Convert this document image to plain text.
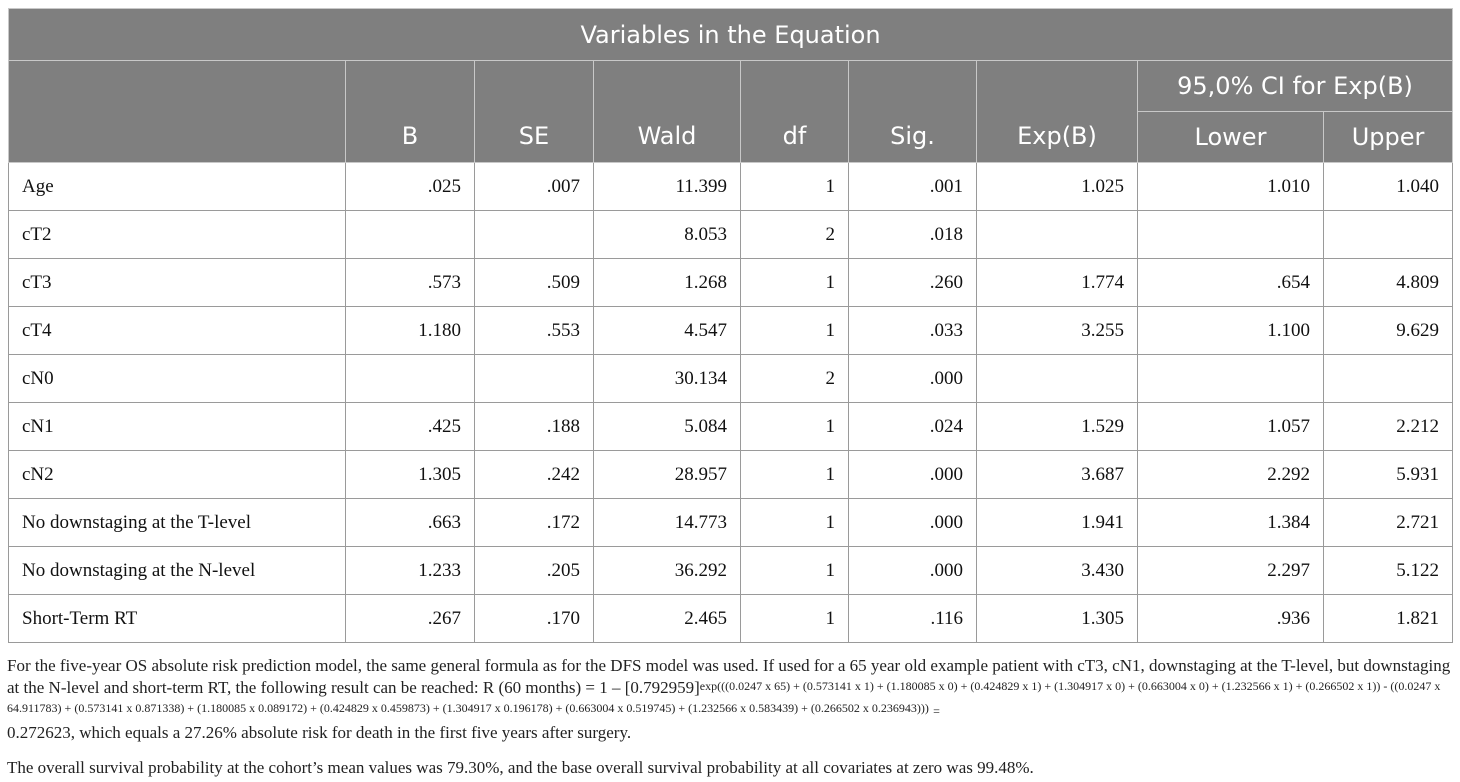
Variables in the Equation								
	B	SE	Wald	df	Sig.	Exp(B)	95,0% CI for Exp(B)	
							Lower	Upper
Age	.025	.007	11.399	1	.001	1.025	1.010	1.040
cT2			8.053	2	.018			
cT3	.573	.509	1.268	1	.260	1.774	.654	4.809
cT4	1.180	.553	4.547	1	.033	3.255	1.100	9.629
cN0			30.134	2	.000			
cN1	.425	.188	5.084	1	.024	1.529	1.057	2.212
cN2	1.305	.242	28.957	1	.000	3.687	2.292	5.931
No downstaging at the T-level	.663	.172	14.773	1	.000	1.941	1.384	2.721
No downstaging at the N-level	1.233	.205	36.292	1	.000	3.430	2.297	5.122
Short-Term RT	.267	.170	2.465	1	.116	1.305	.936	1.821

For the five-year OS absolute risk prediction model, the same general formula as for the DFS model was used. If used for a 65 year old example patient with cT3, cN1, downstaging at the T-level, but downstaging at the N-level and short-term RT, the following result can be reached: R (60 months) = 1 – [0.792959]exp(((0.0247 x 65) + (0.573141 x 1) + (1.180085 x 0) + (0.424829 x 1) + (1.304917 x 0) + (0.663004 x 0) + (1.232566 x 1) + (0.266502 x 1)) - ((0.0247 x 64.911783) + (0.573141 x 0.871338) + (1.180085 x 0.089172) + (0.424829 x 0.459873) + (1.304917 x 0.196178) + (0.663004 x 0.519745) + (1.232566 x 0.583439) + (0.266502 x 0.236943))) =
0.272623, which equals a 27.26% absolute risk for death in the first five years after surgery.

The overall survival probability at the cohort’s mean values was 79.30%, and the base overall survival probability at all covariates at zero was 99.48%.
